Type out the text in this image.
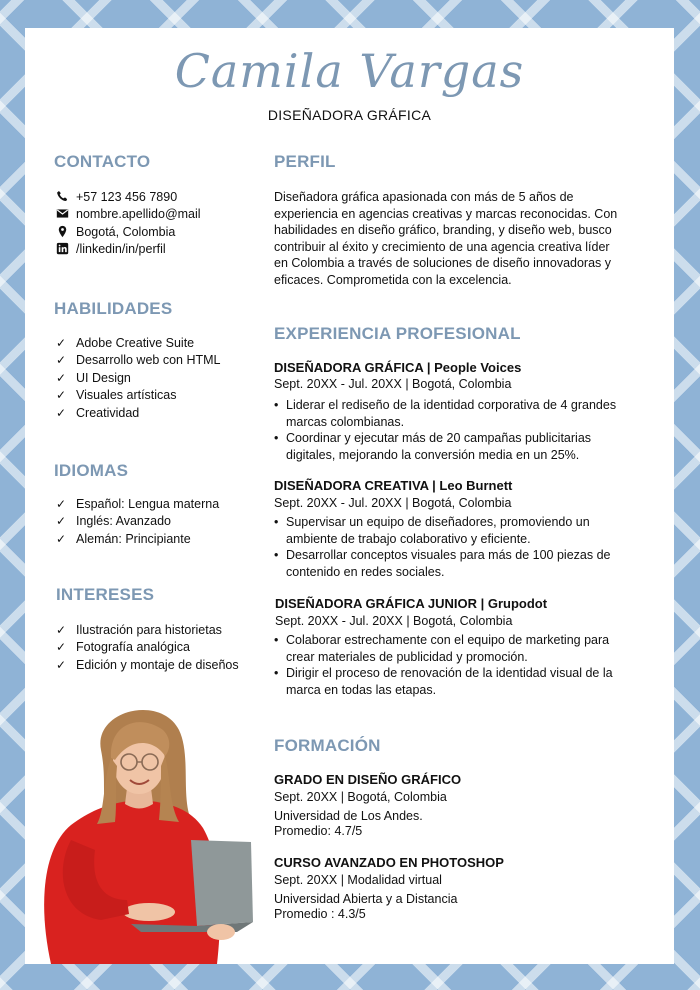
Camila Vargas
DISEÑADORA GRÁFICA
CONTACTO
+57 123 456 7890
nombre.apellido@mail
Bogotá, Colombia
/linkedin/in/perfil
HABILIDADES
✓ Adobe Creative Suite
✓ Desarrollo web con HTML
✓ UI Design
✓ Visuales artísticas
✓ Creatividad
IDIOMAS
✓ Español: Lengua materna
✓ Inglés: Avanzado
✓ Alemán: Principiante
INTERESES
✓ Ilustración para historietas
✓ Fotografía analógica
✓ Edición y montaje de diseños
PERFIL

Diseñadora gráfica apasionada con más de 5 años de experiencia en agencias creativas y marcas reconocidas. Con habilidades en diseño gráfico, branding, y diseño web, busco contribuir al éxito y crecimiento de una agencia creativa líder en Colombia a través de soluciones de diseño innovadoras y eficaces. Comprometida con la excelencia.

EXPERIENCIA PROFESIONAL

DISEÑADORA GRÁFICA | People Voices

Sept. 20XX - Jul. 20XX | Bogotá, Colombia

• Liderar el rediseño de la identidad corporativa de 4 grandes marcas colombianas.
• Coordinar y ejecutar más de 20 campañas publicitarias digitales, mejorando la conversión media en un 25%.

DISEÑADORA CREATIVA | Leo Burnett

Sept. 20XX - Jul. 20XX | Bogotá, Colombia

• Supervisar un equipo de diseñadores, promoviendo un ambiente de trabajo colaborativo y eficiente.
• Desarrollar conceptos visuales para más de 100 piezas de contenido en redes sociales.

DISEÑADORA GRÁFICA JUNIOR | Grupodot

Sept. 20XX - Jul. 20XX | Bogotá, Colombia

• Colaborar estrechamente con el equipo de marketing para crear materiales de publicidad y promoción.
• Dirigir el proceso de renovación de la identidad visual de la marca en todas las etapas.
FORMACIÓN

GRADO EN DISEÑO GRÁFICO

Sept. 20XX | Bogotá, Colombia

Universidad de Los Andes.

Promedio: 4.7/5

CURSO AVANZADO EN PHOTOSHOP

Sept. 20XX | Modalidad virtual

Universidad Abierta y a Distancia

Promedio : 4.3/5
